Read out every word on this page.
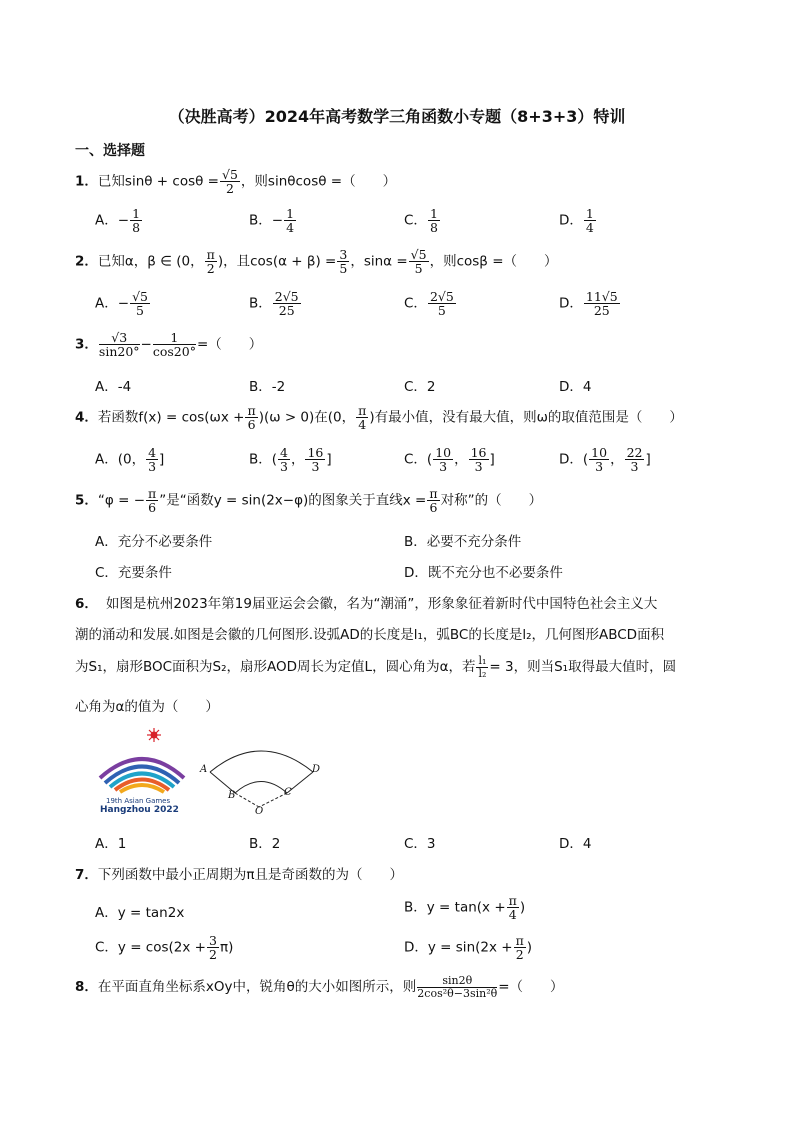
（决胜高考）2024年高考数学三角函数小专题（8+3+3）特训
一、选择题
1．已知$\sin\theta + \cos\theta = \frac{√5}{2}$ ，则sinθcosθ =（　　）
A．− $\frac{1}{8}$	B．− $\frac{1}{4}$	C． $\frac{1}{8}$	D． $\frac{1}{4}$
2．已知α，β ∈ (0， $\frac{\pi}{2}$ )，且$\cos(\alpha + \beta) = \frac{3}{5}$ ，$\sin\alpha = \frac{√5}{5}$ ，则cosβ =（　　）
A．− $\frac{√5}{5}$	B． $\frac{2√5}{25}$	C． $\frac{2√5}{5}$	D． $\frac{11√5}{25}$
3． $\frac{√3}{\sin 20^\circ} - \frac{1}{\cos 20^\circ}$ =（　　）
A．-4	B．-2	C．2	D．4
4．若函数$f(x) = \cos(\omega x + \frac{\pi}{6} )(\omega > 0)$在(0， $\frac{\pi}{4}$ )有最小值，没有最大值，则ω的取值范围是（　　）
A．(0， $\frac{4}{3}$ ]	B．( $\frac{4}{3}$ ， $\frac{16}{3}$ ]	C．( $\frac{10}{3}$ ， $\frac{16}{3}$ ]	D．( $\frac{10}{3}$ ， $\frac{22}{3}$ ]
5．“φ = − $\frac{\pi}{6}$ ”是“函数y = sin(2x−φ)的图象关于直线$x = \frac{\pi}{6}$ 对称”的（　　）
A．充分不必要条件	B．必要不充分条件
C．充要条件	D．既不充分也不必要条件
6． 如图是杭州2023年第19届亚运会会徽，名为“潮涌”，形象象征着新时代中国特色社会主义大
潮的涌动和发展.如图是会徽的几何图形.设弧AD的长度是l₁，弧BC的长度是l₂，几何图形ABCD面积
为S₁，扇形BOC面积为S₂，扇形AOD周长为定值L，圆心角为α，若 $\frac{\text{l₁}}{\text{l₂}} = 3$，则当S₁取得最大值时，圆
心角为α的值为（　　）
19th Asian Games
Hangzhou 2022
A	D
B	C
O
A．1	B．2	C．3	D．4
7．下列函数中最小正周期为π且是奇函数的为（　　）
A．y = tan2x	B．$y = \tan(x + \frac{\pi}{4}$ )
C．$y = \cos(2x + \frac{3}{2} \pi)$	D．$y = \sin(2x + \frac{\pi}{2}$ )
8．在平面直角坐标系xOy中，锐角θ的大小如图所示，则 $\frac{\sin 2\theta}{\text{2cos²θ−3sin²θ}}$ =（　　）
